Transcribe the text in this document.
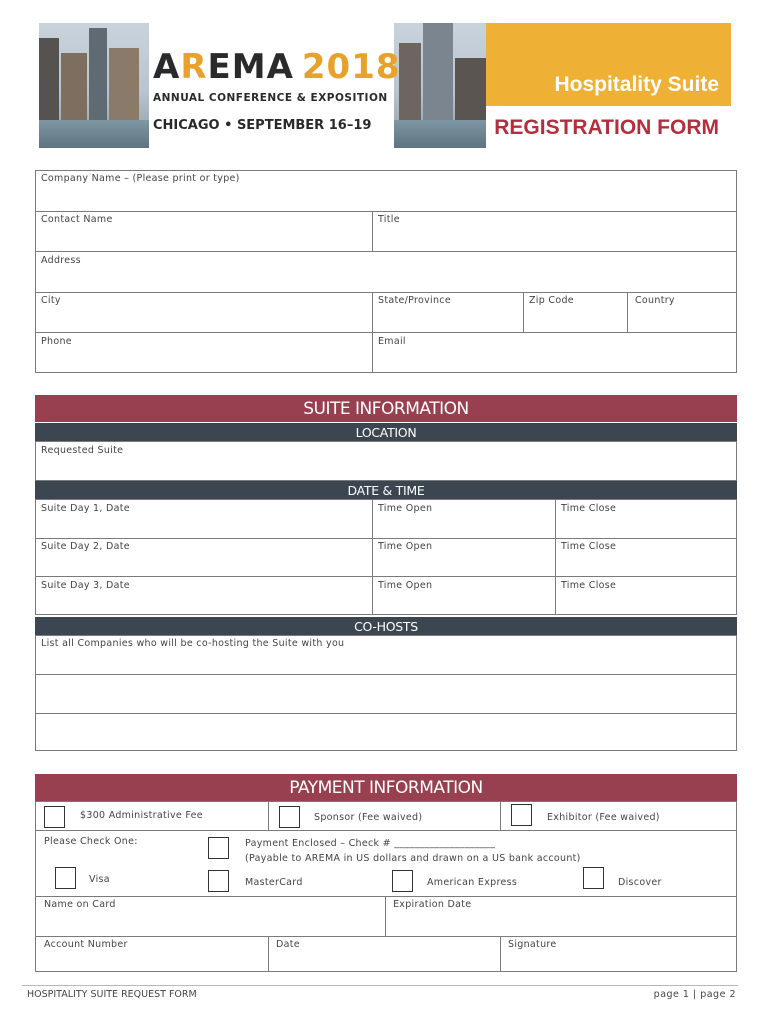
AREMA 2018
ANNUAL CONFERENCE & EXPOSITION
CHICAGO • SEPTEMBER 16–19
Hospitality Suite
REGISTRATION FORM
Company Name – (Please print or type)
Contact Name	Title
Address
City	State/Province	Zip Code	Country
Phone	Email
SUITE INFORMATION
LOCATION
Requested Suite
DATE & TIME
Suite Day 1, Date	Time Open	Time Close
Suite Day 2, Date	Time Open	Time Close
Suite Day 3, Date	Time Open	Time Close
CO-HOSTS
List all Companies who will be co-hosting the Suite with you
PAYMENT INFORMATION
$300 Administrative Fee	Sponsor (Fee waived)	Exhibitor (Fee waived)
Please Check One:	Payment Enclosed – Check # ____________________
(Payable to AREMA in US dollars and drawn on a US bank account)
Visa	MasterCard	American Express	Discover
Name on Card	Expiration Date
Account Number	Date	Signature
HOSPITALITY SUITE REQUEST FORM	page 1 | page 2
